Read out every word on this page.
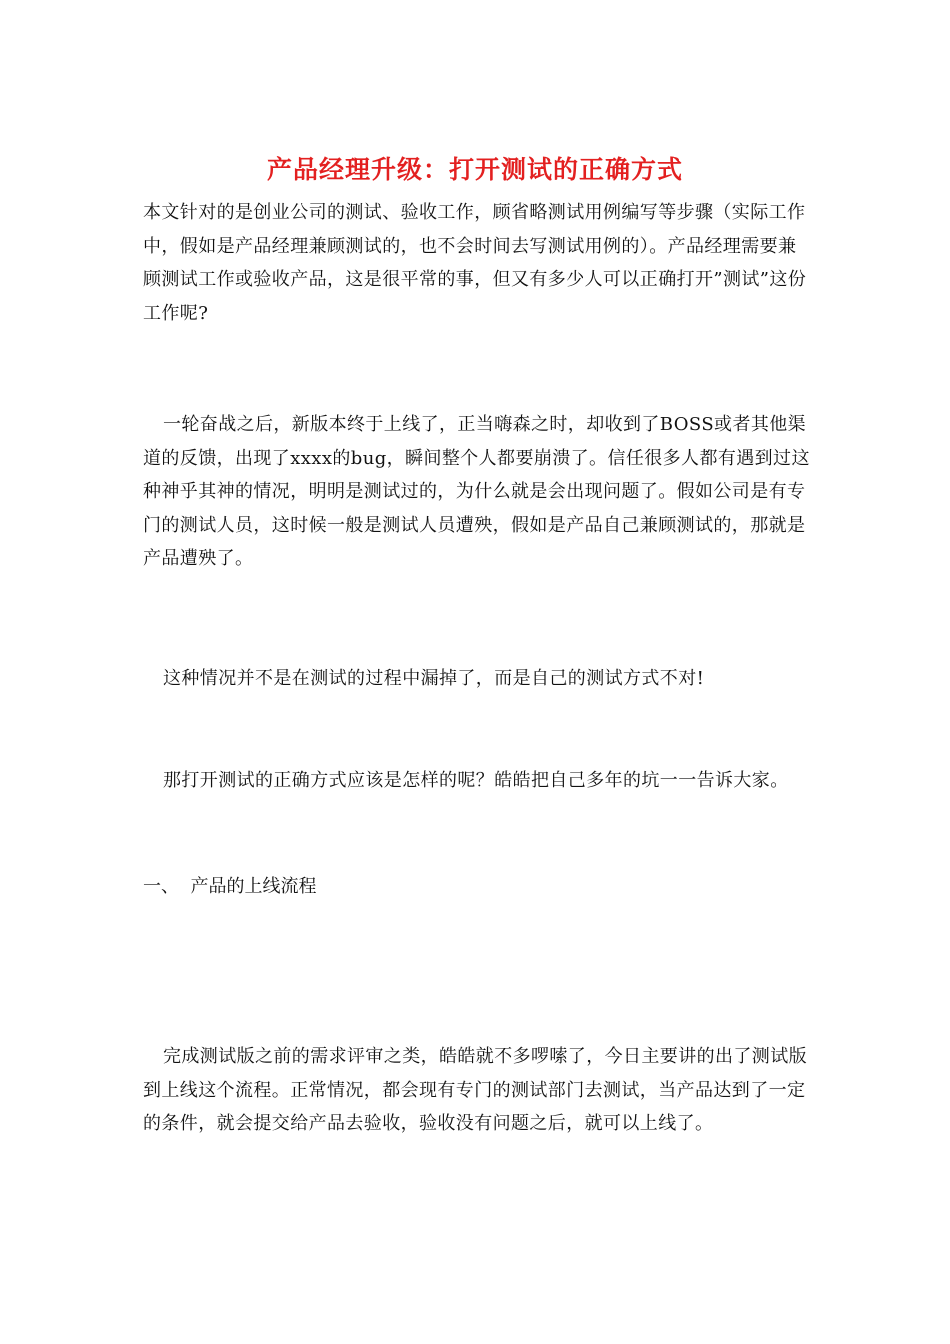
产品经理升级：打开测试的正确方式

本文针对的是创业公司的测试、验收工作，顾省略测试用例编写等步骤（实际工作中，假如是产品经理兼顾测试的，也不会时间去写测试用例的）。产品经理需要兼顾测试工作或验收产品，这是很平常的事，但又有多少人可以正确打开”测试”这份工作呢?

一轮奋战之后，新版本终于上线了，正当嗨森之时，却收到了BOSS或者其他渠道的反馈，出现了xxxx的bug，瞬间整个人都要崩溃了。信任很多人都有遇到过这种神乎其神的情况，明明是测试过的，为什么就是会出现问题了。假如公司是有专门的测试人员，这时候一般是测试人员遭殃，假如是产品自己兼顾测试的，那就是产品遭殃了。

这种情况并不是在测试的过程中漏掉了，而是自己的测试方式不对!

那打开测试的正确方式应该是怎样的呢？皓皓把自己多年的坑一一告诉大家。

一、  产品的上线流程

完成测试版之前的需求评审之类，皓皓就不多啰嗦了，今日主要讲的出了测试版到上线这个流程。正常情况，都会现有专门的测试部门去测试，当产品达到了一定的条件，就会提交给产品去验收，验收没有问题之后，就可以上线了。
